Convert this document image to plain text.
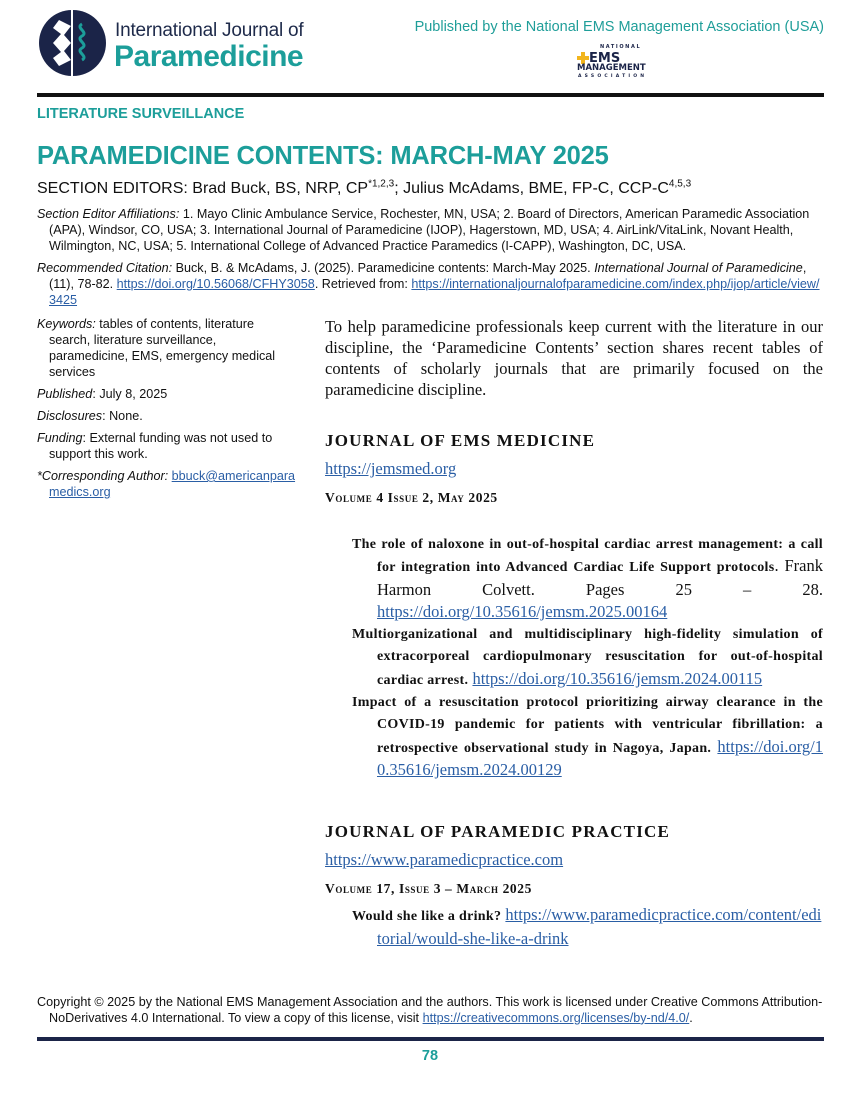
International Journal of
Paramedicine
Published by the National EMS Management Association (USA)
NATIONAL
EMS
MANAGEMENT
ASSOCIATION
LITERATURE SURVEILLANCE
PARAMEDICINE CONTENTS: MARCH-MAY 2025
SECTION EDITORS: Brad Buck, BS, NRP, CP$^{*1,2,3}$; Julius McAdams, BME, FP-C, CCP-$C^{4,5,3}$
Section Editor Affiliations: 1. Mayo Clinic Ambulance Service, Rochester, MN, USA; 2. Board of Directors, American Paramedic Association (APA), Windsor, CO, USA; 3. International Journal of Paramedicine (IJOP), Hagerstown, MD, USA; 4. AirLink/VitaLink, Novant Health, Wilmington, NC, USA; 5. International College of Advanced Practice Paramedics (I-CAPP), Washington, DC, USA.
Recommended Citation: Buck, B. & McAdams, J. (2025). Paramedicine contents: March-May 2025. International Journal of Paramedicine, (11), 78-82. https://doi.org/10.56068/CFHY3058. Retrieved from: https://internationaljournalofparamedicine.com/index.php/ijop/article/view/3425
Keywords: tables of contents, literature search, literature surveillance, paramedicine, EMS, emergency medical services
Published: July 8, 2025
Disclosures: None.
Funding: External funding was not used to support this work.
*Corresponding Author: bbuck@americanparamedics.org
To help paramedicine professionals keep current with the literature in our discipline, the ‘Paramedicine Contents’ section shares recent tables of contents of scholarly journals that are primarily focused on the paramedicine discipline.
JOURNAL OF EMS MEDICINE
https://jemsmed.org
Volume 4 Issue 2, May 2025
The role of naloxone in out-of-hospital cardiac arrest management: a call for integration into Advanced Cardiac Life Support protocols. Frank Harmon Colvett. Pages 25 – 28. https://doi.org/10.35616/jemsm.2025.00164
Multiorganizational and multidisciplinary high-fidelity simulation of extracorporeal cardiopulmonary resuscitation for out-of-hospital cardiac arrest. https://doi.org/10.35616/jemsm.2024.00115
Impact of a resuscitation protocol prioritizing airway clearance in the COVID-19 pandemic for patients with ventricular fibrillation: a retrospective observational study in Nagoya, Japan. https://doi.org/10.35616/jemsm.2024.00129
JOURNAL OF PARAMEDIC PRACTICE
https://www.paramedicpractice.com
Volume 17, Issue 3 – March 2025
Would she like a drink? https://www.paramedicpractice.com/content/editorial/would-she-like-a-drink
Copyright © 2025 by the National EMS Management Association and the authors. This work is licensed under Creative Commons Attribution-NoDerivatives 4.0 International. To view a copy of this license, visit https://creativecommons.org/licenses/by-nd/4.0/.
78
